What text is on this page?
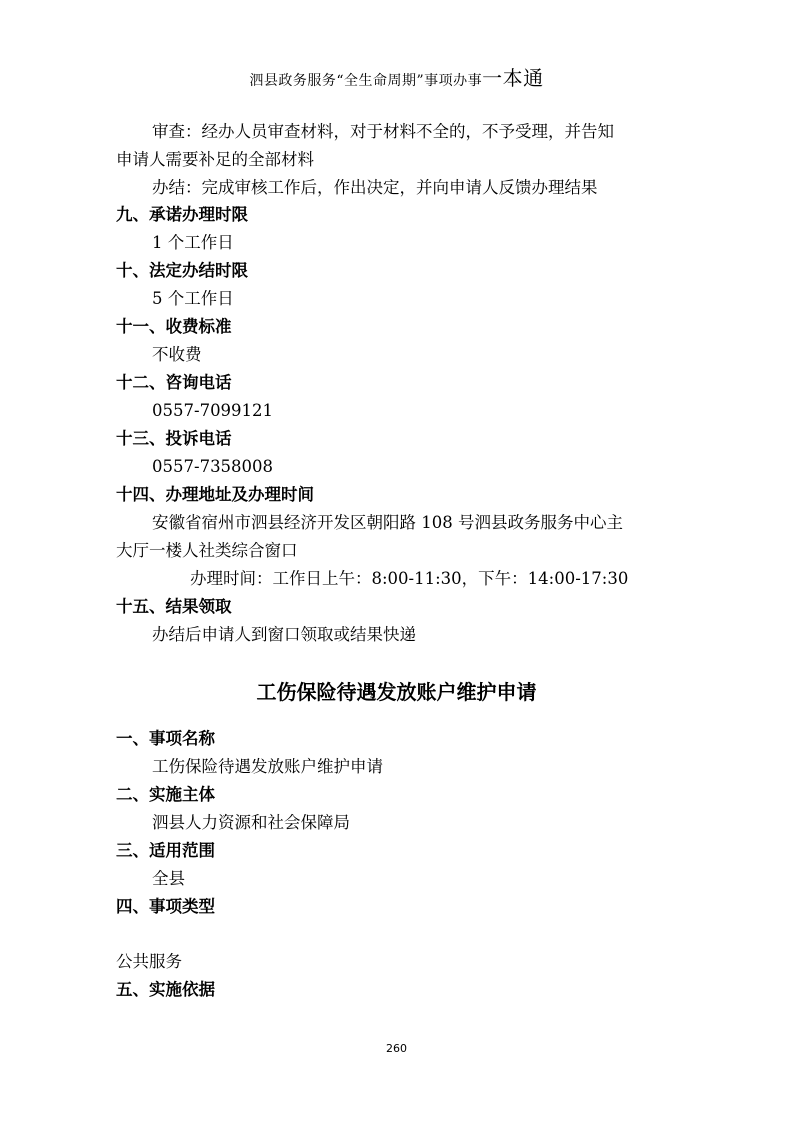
泗县政务服务“全生命周期”事项办事一本通
审查：经办人员审查材料，对于材料不全的，不予受理，并告知
申请人需要补足的全部材料
办结：完成审核工作后，作出决定，并向申请人反馈办理结果
九、承诺办理时限
1 个工作日
十、法定办结时限
5 个工作日
十一、收费标准
不收费
十二、咨询电话
0557-7099121
十三、投诉电话
0557-7358008
十四、办理地址及办理时间
安徽省宿州市泗县经济开发区朝阳路 108 号泗县政务服务中心主
大厅一楼人社类综合窗口
办理时间：工作日上午：8:00-11:30，下午：14:00-17:30
十五、结果领取
办结后申请人到窗口领取或结果快递
工伤保险待遇发放账户维护申请
一、事项名称
工伤保险待遇发放账户维护申请
二、实施主体
泗县人力资源和社会保障局
三、适用范围
全县
四、事项类型
公共服务
五、实施依据
260
